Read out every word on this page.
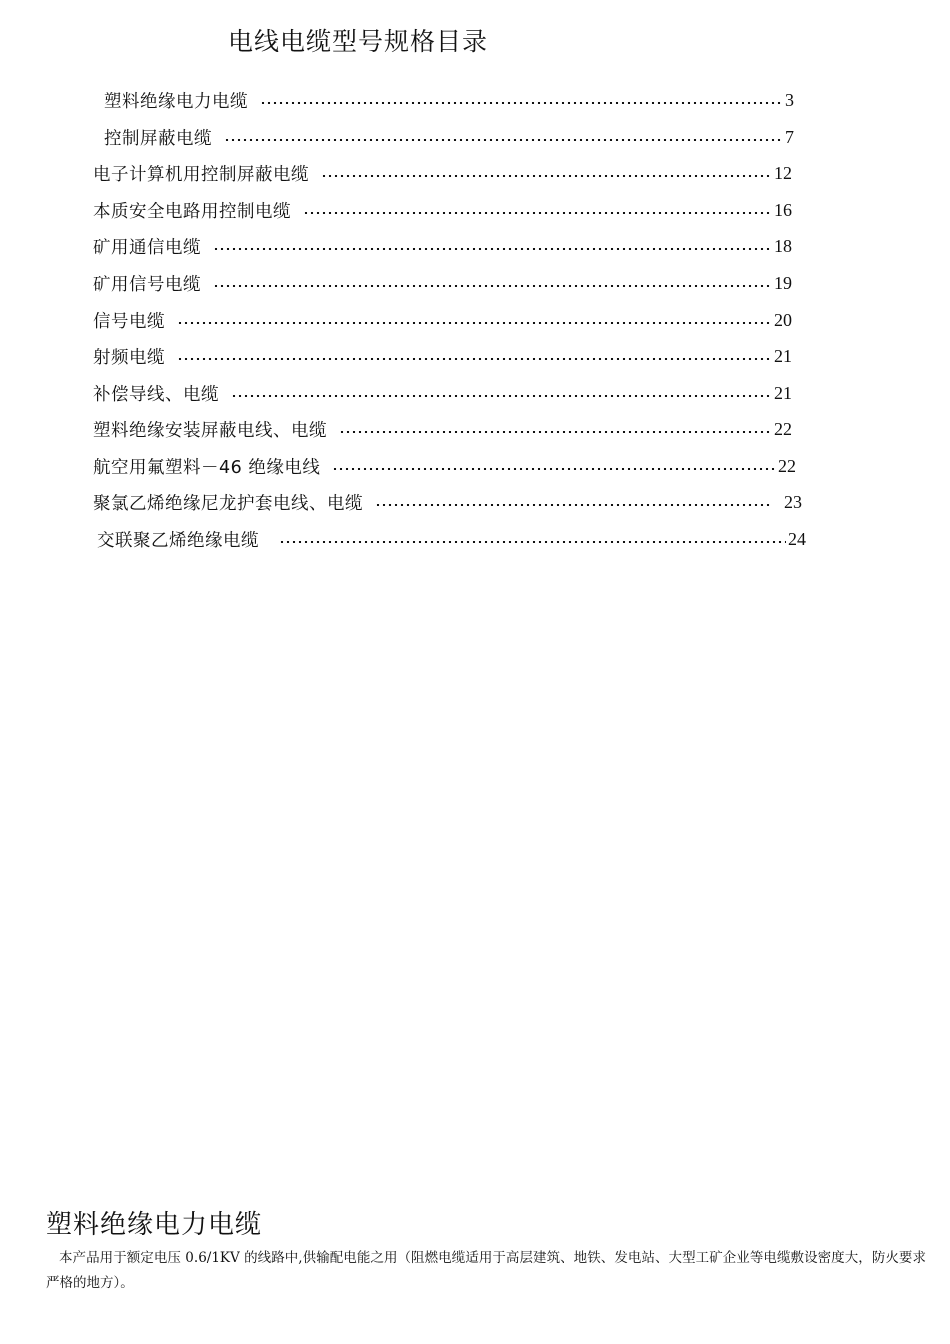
电线电缆型号规格目录
塑料绝缘电力电缆	3
控制屏蔽电缆	7
电子计算机用控制屏蔽电缆	12
本质安全电路用控制电缆	16
矿用通信电缆	18
矿用信号电缆	19
信号电缆	20
射频电缆	21
补偿导线、电缆	21
塑料绝缘安装屏蔽电线、电缆	22
航空用氟塑料－46 绝缘电线	22
聚氯乙烯绝缘尼龙护套电线、电缆	23
交联聚乙烯绝缘电缆	24
塑料绝缘电力电缆
本产品用于额定电压 0.6/1KV 的线路中,供输配电能之用（阻燃电缆适用于高层建筑、地铁、发电站、大型工矿企业等电缆敷设密度大，防火要求严格的地方）。
